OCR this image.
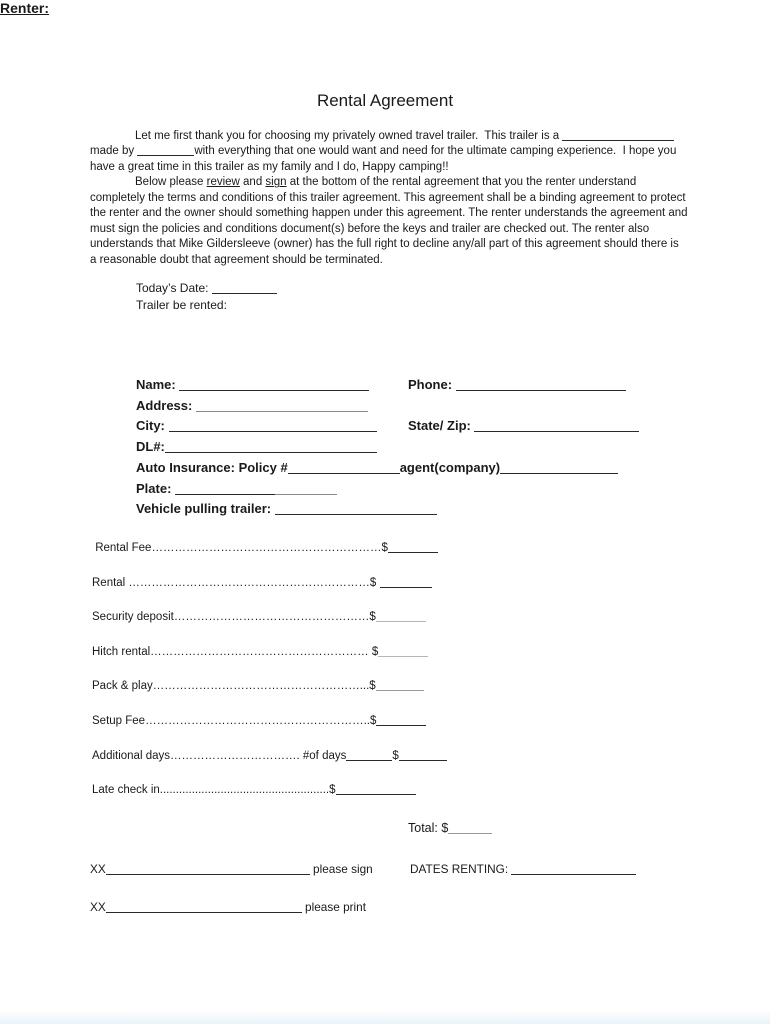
Rental Agreement
Let me first thank you for choosing my privately owned travel trailer.  This trailer is a
made by	with everything that one would want and need for the ultimate camping experience.  I hope you
have a great time in this trailer as my family and I do, Happy camping!!
Below please review and sign at the bottom of the rental agreement that you the renter understand
completely the terms and conditions of this trailer agreement. This agreement shall be a binding agreement to protect
the renter and the owner should something happen under this agreement. The renter understands the agreement and
must sign the policies and conditions document(s) before the keys and trailer are checked out. The renter also
understands that Mike Gildersleeve (owner) has the full right to decline any/all part of this agreement should there is
a reasonable doubt that agreement should be terminated.
Today’s Date:
Trailer be rented:
Renter:
Name:	Phone:
Address:
City:	State/ Zip:
DL#:
Auto Insurance: Policy #	agent(company)
Plate:
Vehicle pulling trailer:
Rental Fee……………………………………………………$
Rental ………………………………………………………$
Security deposit……………………………………………$
Hitch rental………………………………………………… $
Pack & play………………………………………………...$
Setup Fee…………………………………………………..$
Additional days……………………………. #of days	$
Late check in.....................................................$
Total: $
XX	please sign	DATES RENTING:
XX	please print
